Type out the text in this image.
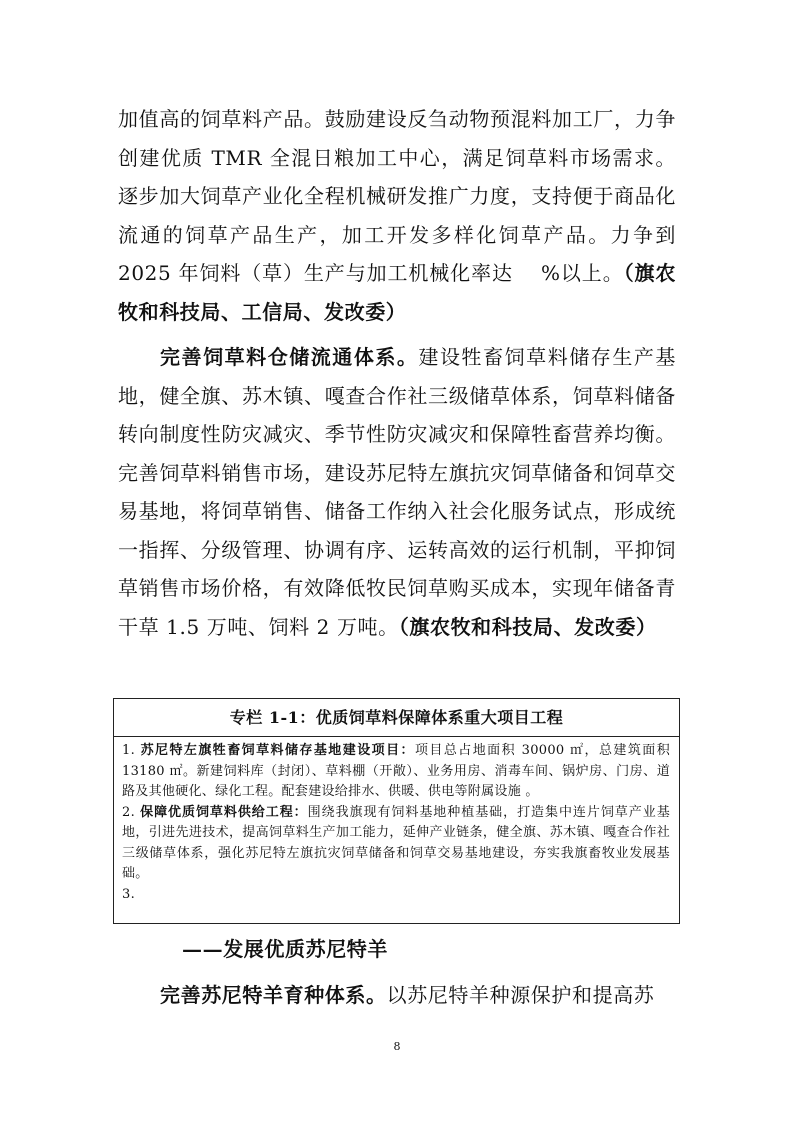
加值高的饲草料产品。鼓励建设反刍动物预混料加工厂，力争创建优质 TMR 全混日粮加工中心，满足饲草料市场需求。逐步加大饲草产业化全程机械研发推广力度，支持便于商品化流通的饲草产品生产，加工开发多样化饲草产品。力争到 2025 年饲料（草）生产与加工机械化率达 　%以上。（旗农牧和科技局、工信局、发改委）

完善饲草料仓储流通体系。建设牲畜饲草料储存生产基地，健全旗、苏木镇、嘎查合作社三级储草体系，饲草料储备转向制度性防灾减灾、季节性防灾减灾和保障牲畜营养均衡。完善饲草料销售市场，建设苏尼特左旗抗灾饲草储备和饲草交易基地，将饲草销售、储备工作纳入社会化服务试点，形成统一指挥、分级管理、协调有序、运转高效的运行机制，平抑饲草销售市场价格，有效降低牧民饲草购买成本，实现年储备青干草 1.5 万吨、饲料 2 万吨。（旗农牧和科技局、发改委）

专栏 1-1：优质饲草料保障体系重大项目工程

1. 苏尼特左旗牲畜饲草料储存基地建设项目：项目总占地面积 30000 ㎡，总建筑面积 13180 ㎡。新建饲料库（封闭）、草料棚（开敞）、业务用房、消毒车间、锅炉房、门房、道路及其他硬化、绿化工程。配套建设给排水、供暖、供电等附属设施 。

2. 保障优质饲草料供给工程：围绕我旗现有饲料基地种植基础，打造集中连片饲草产业基地，引进先进技术，提高饲草料生产加工能力，延伸产业链条，健全旗、苏木镇、嘎查合作社三级储草体系，强化苏尼特左旗抗灾饲草储备和饲草交易基地建设，夯实我旗畜牧业发展基础。

3.

——发展优质苏尼特羊

完善苏尼特羊育种体系。以苏尼特羊种源保护和提高苏

8
